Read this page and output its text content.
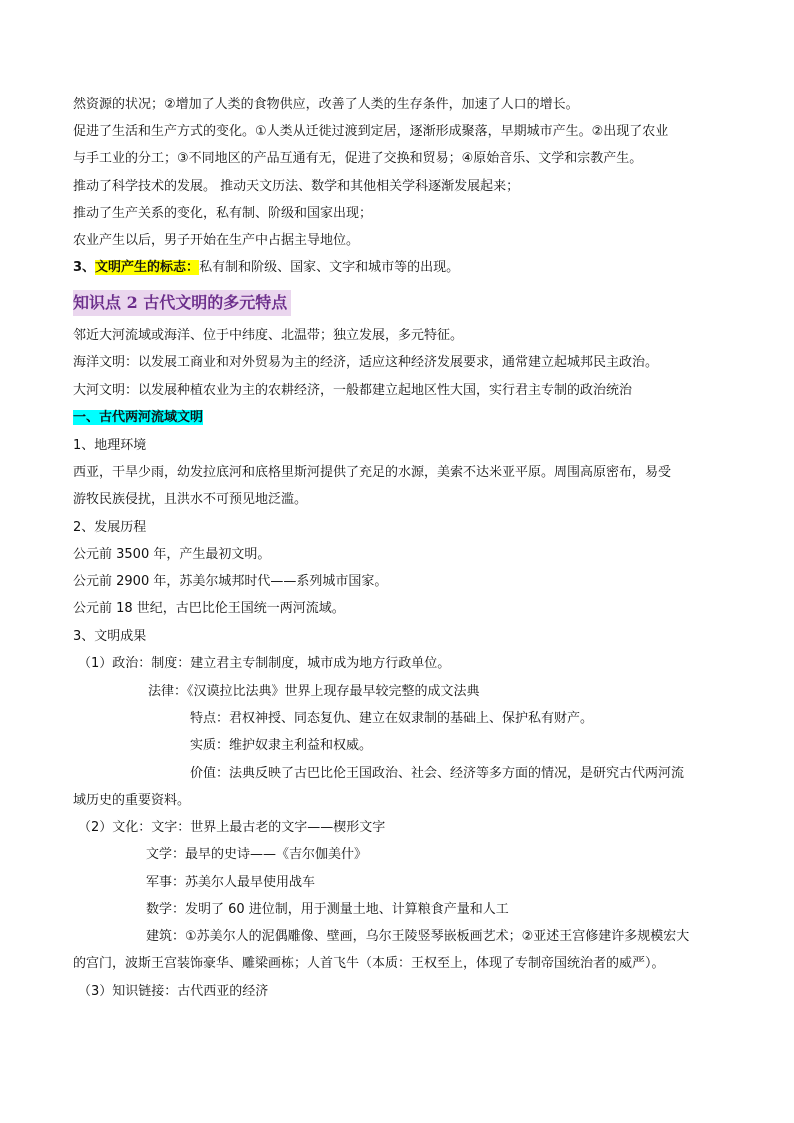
然资源的状况；②增加了人类的食物供应，改善了人类的生存条件，加速了人口的增长。
促进了生活和生产方式的变化。①人类从迁徙过渡到定居，逐渐形成聚落，早期城市产生。②出现了农业
与手工业的分工；③不同地区的产品互通有无，促进了交换和贸易；④原始音乐、文学和宗教产生。
推动了科学技术的发展。 推动天文历法、数学和其他相关学科逐渐发展起来；
推动了生产关系的变化，私有制、阶级和国家出现；
农业产生以后，男子开始在生产中占据主导地位。
3、文明产生的标志：私有制和阶级、国家、文字和城市等的出现。
知识点 2 古代文明的多元特点
邻近大河流域或海洋、位于中纬度、北温带；独立发展，多元特征。
海洋文明：以发展工商业和对外贸易为主的经济，适应这种经济发展要求，通常建立起城邦民主政治。
大河文明：以发展种植农业为主的农耕经济，一般都建立起地区性大国，实行君主专制的政治统治
一、古代两河流域文明
1、地理环境
西亚，干旱少雨，幼发拉底河和底格里斯河提供了充足的水源，美索不达米亚平原。周围高原密布，易受
游牧民族侵扰，且洪水不可预见地泛滥。
2、发展历程
公元前 3500 年，产生最初文明。
公元前 2900 年，苏美尔城邦时代——系列城市国家。
公元前 18 世纪，古巴比伦王国统一两河流域。
3、文明成果
（1）政治：制度：建立君主专制制度，城市成为地方行政单位。
法律：《汉谟拉比法典》世界上现存最早较完整的成文法典
特点：君权神授、同态复仇、建立在奴隶制的基础上、保护私有财产。
实质：维护奴隶主利益和权威。
价值：法典反映了古巴比伦王国政治、社会、经济等多方面的情况，是研究古代两河流
域历史的重要资料。
（2）文化：文字：世界上最古老的文字——楔形文字
文学：最早的史诗——《吉尔伽美什》
军事：苏美尔人最早使用战车
数学：发明了 60 进位制，用于测量土地、计算粮食产量和人工
建筑：①苏美尔人的泥偶雕像、壁画，乌尔王陵竖琴嵌板画艺术；②亚述王宫修建许多规模宏大
的宫门，波斯王宫装饰豪华、雕梁画栋；人首飞牛（本质：王权至上，体现了专制帝国统治者的威严）。
（3）知识链接：古代西亚的经济
